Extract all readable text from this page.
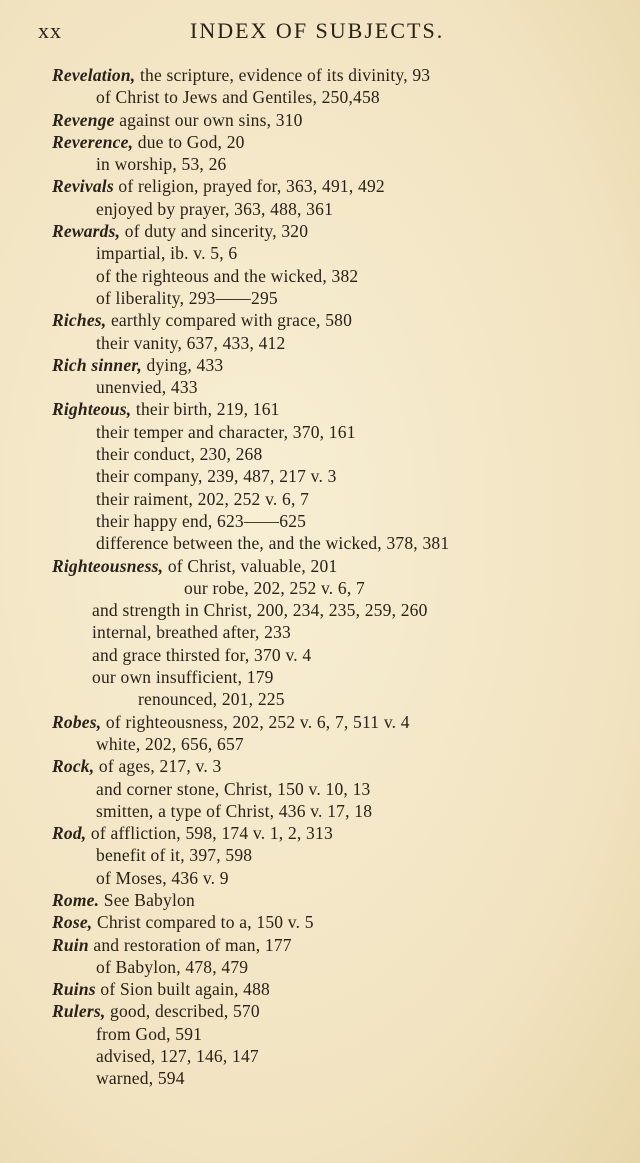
xx	INDEX OF SUBJECTS.
Revelation, the scripture, evidence of its divinity, 93
of Christ to Jews and Gentiles, 250,458
Revenge against our own sins, 310
Reverence, due to God, 20
in worship, 53, 26
Revivals of religion, prayed for, 363, 491, 492
enjoyed by prayer, 363, 488, 361
Rewards, of duty and sincerity, 320
impartial, ib. v. 5, 6
of the righteous and the wicked, 382
of liberality, 293——295
Riches, earthly compared with grace, 580
their vanity, 637, 433, 412
Rich sinner, dying, 433
unenvied, 433
Righteous, their birth, 219, 161
their temper and character, 370, 161
their conduct, 230, 268
their company, 239, 487, 217 v. 3
their raiment, 202, 252 v. 6, 7
their happy end, 623——625
difference between the, and the wicked, 378, 381
Righteousness, of Christ, valuable, 201
our robe, 202, 252 v. 6, 7
and strength in Christ, 200, 234, 235, 259, 260
internal, breathed after, 233
and grace thirsted for, 370 v. 4
our own insufficient, 179
renounced, 201, 225
Robes, of righteousness, 202, 252 v. 6, 7, 511 v. 4
white, 202, 656, 657
Rock, of ages, 217, v. 3
and corner stone, Christ, 150 v. 10, 13
smitten, a type of Christ, 436 v. 17, 18
Rod, of affliction, 598, 174 v. 1, 2, 313
benefit of it, 397, 598
of Moses, 436 v. 9
Rome. See Babylon
Rose, Christ compared to a, 150 v. 5
Ruin and restoration of man, 177
of Babylon, 478, 479
Ruins of Sion built again, 488
Rulers, good, described, 570
from God, 591
advised, 127, 146, 147
warned, 594
